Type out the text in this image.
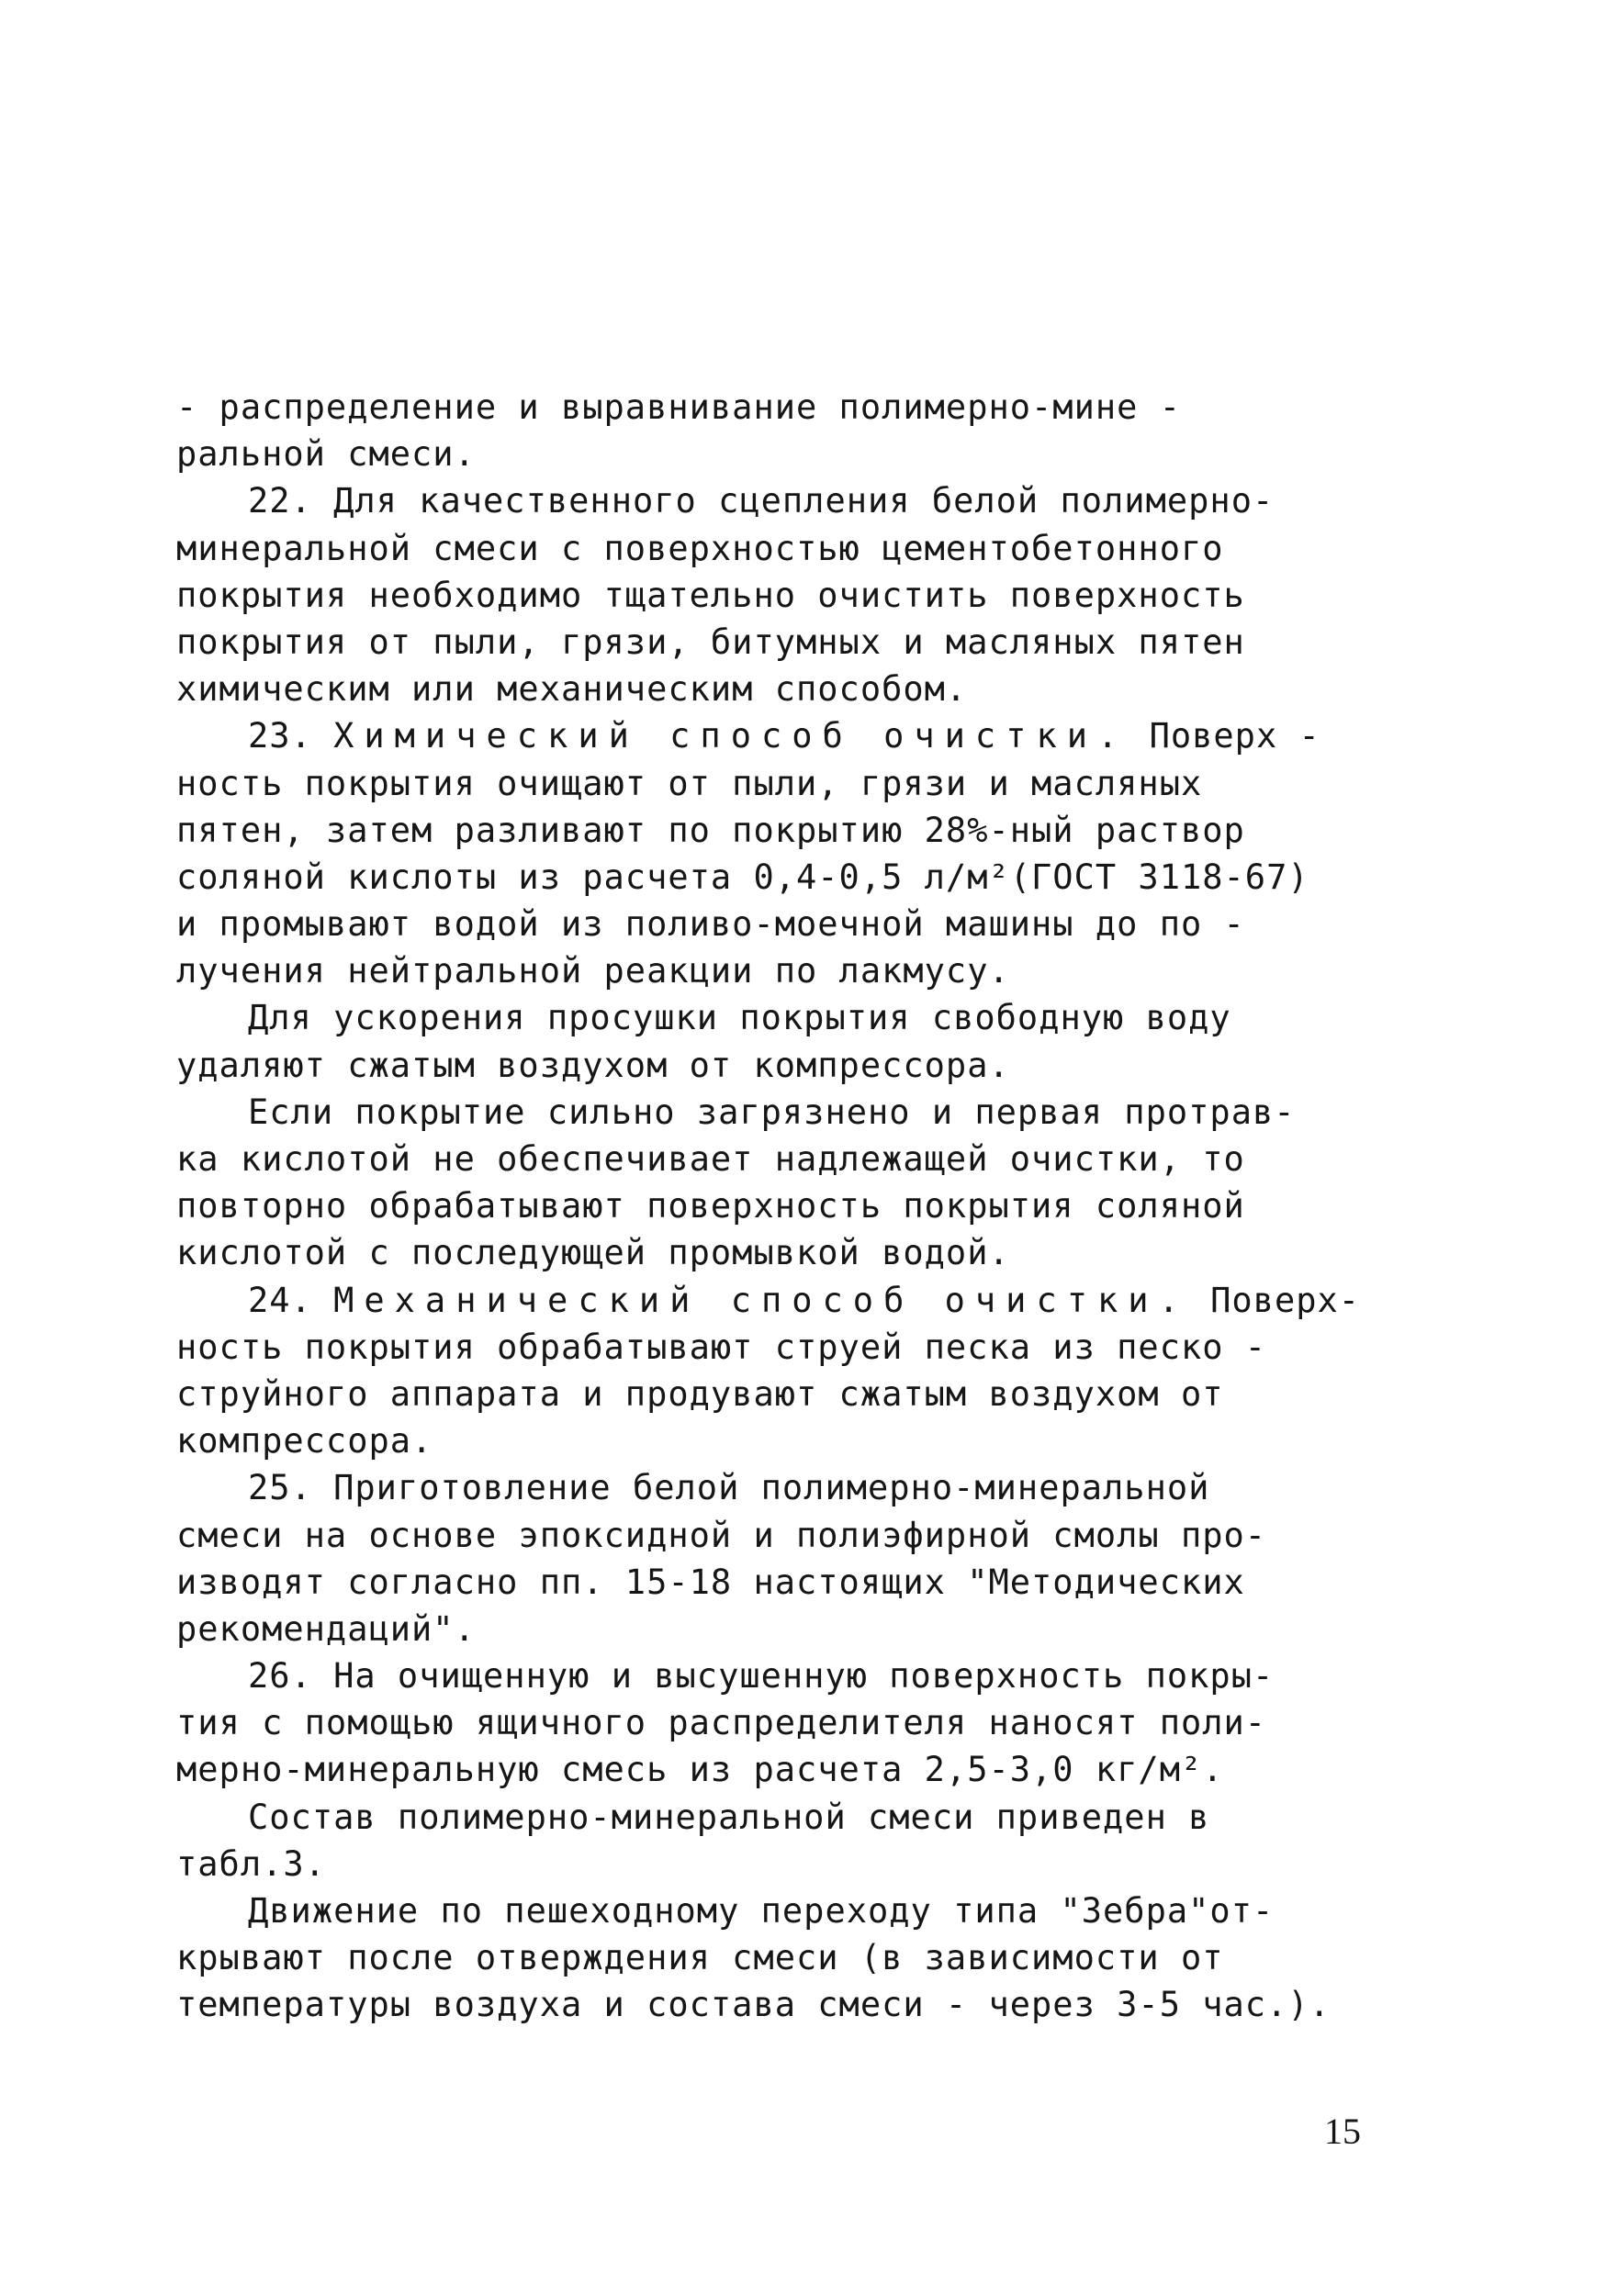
- распределение и выравнивание полимерно-мине -
ральной смеси.
22. Для качественного сцепления белой полимерно-
минеральной смеси с поверхностью цементобетонного
покрытия необходимо тщательно очистить поверхность
покрытия от пыли, грязи, битумных и масляных пятен
химическим или механическим способом.
23. Химический способ очистки. Поверх -
ность покрытия очищают от пыли, грязи и масляных
пятен, затем разливают по покрытию 28%-ный раствор
соляной кислоты из расчета 0,4-0,5 л/м²(ГОСТ 3118-67)
и промывают водой из поливо-моечной машины до по -
лучения нейтральной реакции по лакмусу.
Для ускорения просушки покрытия свободную воду
удаляют сжатым воздухом от компрессора.
Если покрытие сильно загрязнено и первая протрав-
ка кислотой не обеспечивает надлежащей очистки, то
повторно обрабатывают поверхность покрытия соляной
кислотой с последующей промывкой водой.
24. Механический способ очистки. Поверх-
ность покрытия обрабатывают струей песка из песко -
струйного аппарата и продувают сжатым воздухом от
компрессора.
25. Приготовление белой полимерно-минеральной
смеси на основе эпоксидной и полиэфирной смолы про-
изводят согласно пп. 15-18 настоящих "Методических
рекомендаций".
26. На очищенную и высушенную поверхность покры-
тия с помощью ящичного распределителя наносят поли-
мерно-минеральную смесь из расчета 2,5-3,0 кг/м².
Состав полимерно-минеральной смеси приведен в
табл.3.
Движение по пешеходному переходу типа "Зебра"от-
крывают после отверждения смеси (в зависимости от
температуры воздуха и состава смеси - через 3-5 час.).
15
